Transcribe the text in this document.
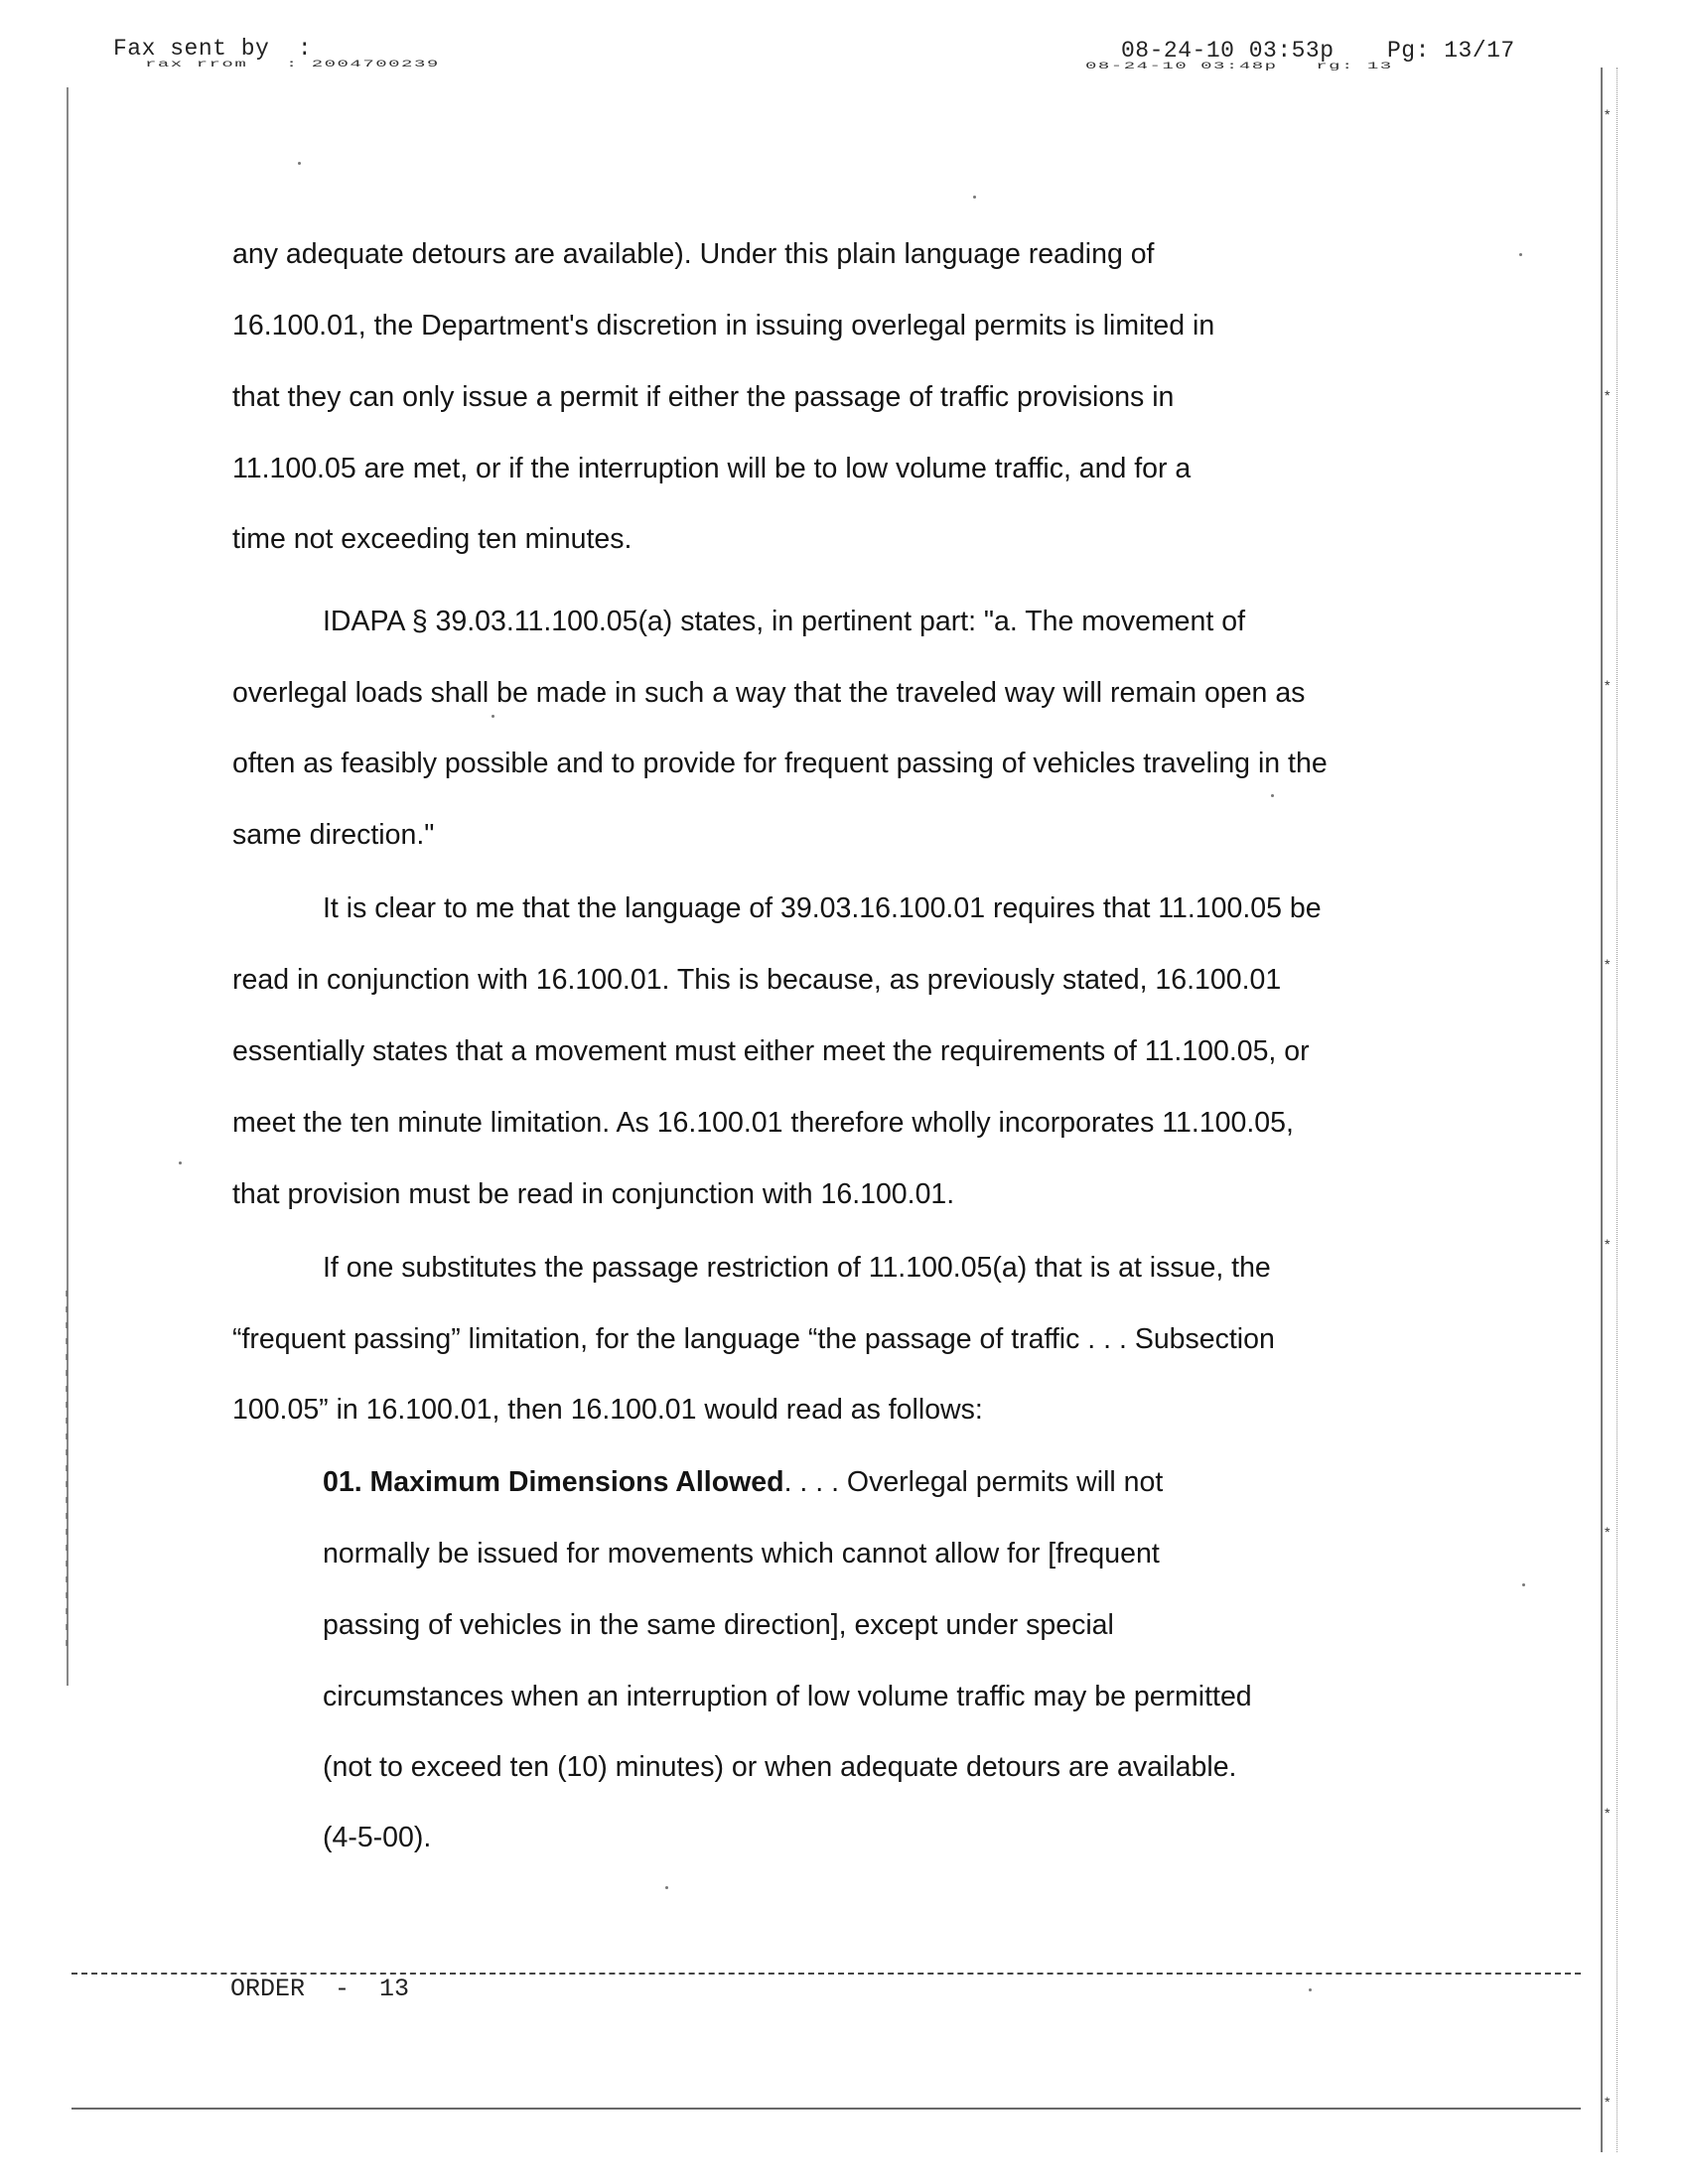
Fax sent by  :
rax rrom   : 2004700239
08-24-10 03:53p Pg: 13/17
08-24-10 03:48p   rg: 13
*
*
*
*
*
*
*
*
any adequate detours are available). Under this plain language reading of
16.100.01, the Department's discretion in issuing overlegal permits is limited in
that they can only issue a permit if either the passage of traffic provisions in
11.100.05 are met, or if the interruption will be to low volume traffic, and for a
time not exceeding ten minutes.
IDAPA § 39.03.11.100.05(a) states, in pertinent part: "a. The movement of
overlegal loads shall be made in such a way that the traveled way will remain open as
often as feasibly possible and to provide for frequent passing of vehicles traveling in the
same direction."
It is clear to me that the language of 39.03.16.100.01 requires that 11.100.05 be
read in conjunction with 16.100.01. This is because, as previously stated, 16.100.01
essentially states that a movement must either meet the requirements of 11.100.05, or
meet the ten minute limitation. As 16.100.01 therefore wholly incorporates 11.100.05,
that provision must be read in conjunction with 16.100.01.
If one substitutes the passage restriction of 11.100.05(a) that is at issue, the
“frequent passing” limitation, for the language “the passage of traffic . . . Subsection
100.05” in 16.100.01, then 16.100.01 would read as follows:
01. Maximum Dimensions Allowed. . . . Overlegal permits will not
normally be issued for movements which cannot allow for [frequent
passing of vehicles in the same direction], except under special
circumstances when an interruption of low volume traffic may be permitted
(not to exceed ten (10) minutes) or when adequate detours are available.
(4-5-00).
ORDER  -  13
